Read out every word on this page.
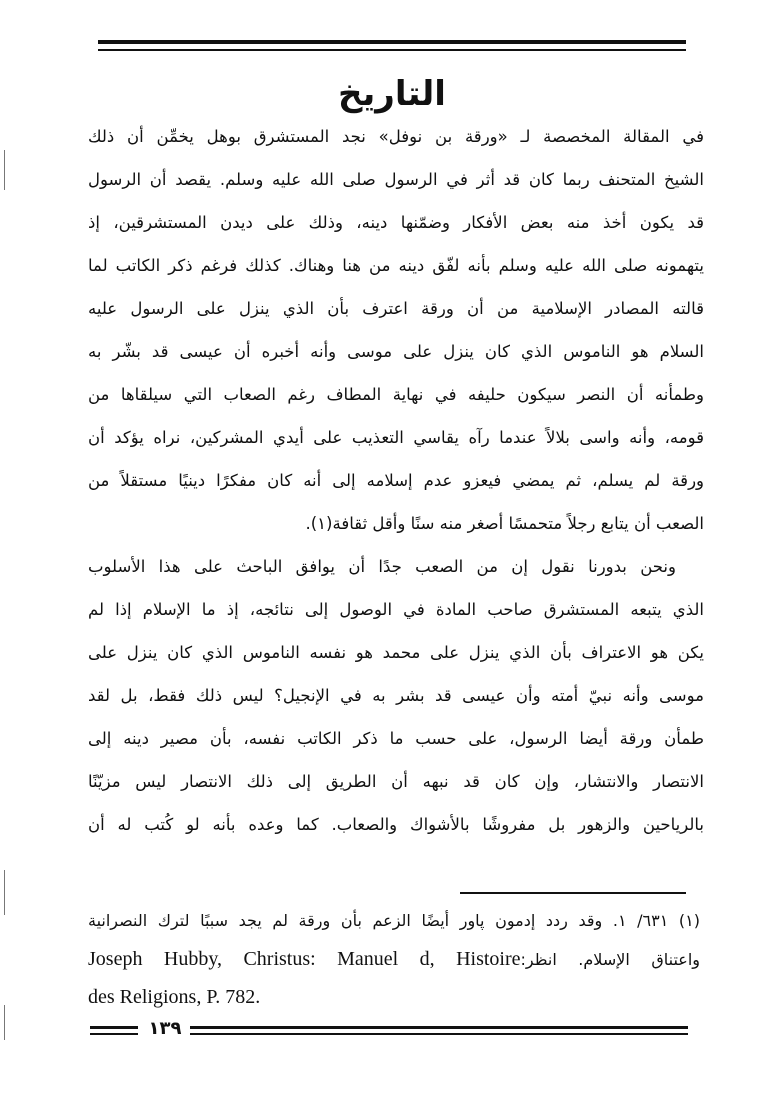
التاريخ
في المقالة المخصصة لـ «ورقة بن نوفل» نجد المستشرق بوهل يخمِّن أن ذلك
الشيخ المتحنف ربما كان قد أثر في الرسول صلى الله عليه وسلم. يقصد أن الرسول
قد يكون أخذ منه بعض الأفكار وضمّنها دينه، وذلك على ديدن المستشرقين، إذ
يتهمونه صلى الله عليه وسلم بأنه لفّق دينه من هنا وهناك. كذلك فرغم ذكر الكاتب لما
قالته المصادر الإسلامية من أن ورقة اعترف بأن الذي ينزل على الرسول عليه
السلام هو الناموس الذي كان ينزل على موسى وأنه أخبره أن عيسى قد بشّر به
وطمأنه أن النصر سيكون حليفه في نهاية المطاف رغم الصعاب التي سيلقاها من
قومه، وأنه واسى بلالاً عندما رآه يقاسي التعذيب على أيدي المشركين، نراه يؤكد أن
ورقة لم يسلم، ثم يمضي فيعزو عدم إسلامه إلى أنه كان مفكرًا دينيًا مستقلاً من
الصعب أن يتابع رجلاً متحمسًا أصغر منه سنًا وأقل ثقافة(١).
ونحن بدورنا نقول إن من الصعب جدًا أن يوافق الباحث على هذا الأسلوب
الذي يتبعه المستشرق صاحب المادة في الوصول إلى نتائجه، إذ ما الإسلام إذا لم
يكن هو الاعتراف بأن الذي ينزل على محمد هو نفسه الناموس الذي كان ينزل على
موسى وأنه نبيّ أمته وأن عيسى قد بشر به في الإنجيل؟ ليس ذلك فقط، بل لقد
طمأن ورقة أيضا الرسول، على حسب ما ذكر الكاتب نفسه، بأن مصير دينه إلى
الانتصار والانتشار، وإن كان قد نبهه أن الطريق إلى ذلك الانتصار ليس مزيّنًا
بالرياحين والزهور بل مفروشًا بالأشواك والصعاب. كما وعده بأنه لو كُتب له أن
(١) ٦٣١/ ١. وقد ردد إدمون پاور أيضًا الزعم بأن ورقة لم يجد سببًا لترك النصرانية
واعتناق الإسلام. انظر:Joseph Hubby, Christus: Manuel d, Histoire
des Religions, P. 782.
١٣٩
